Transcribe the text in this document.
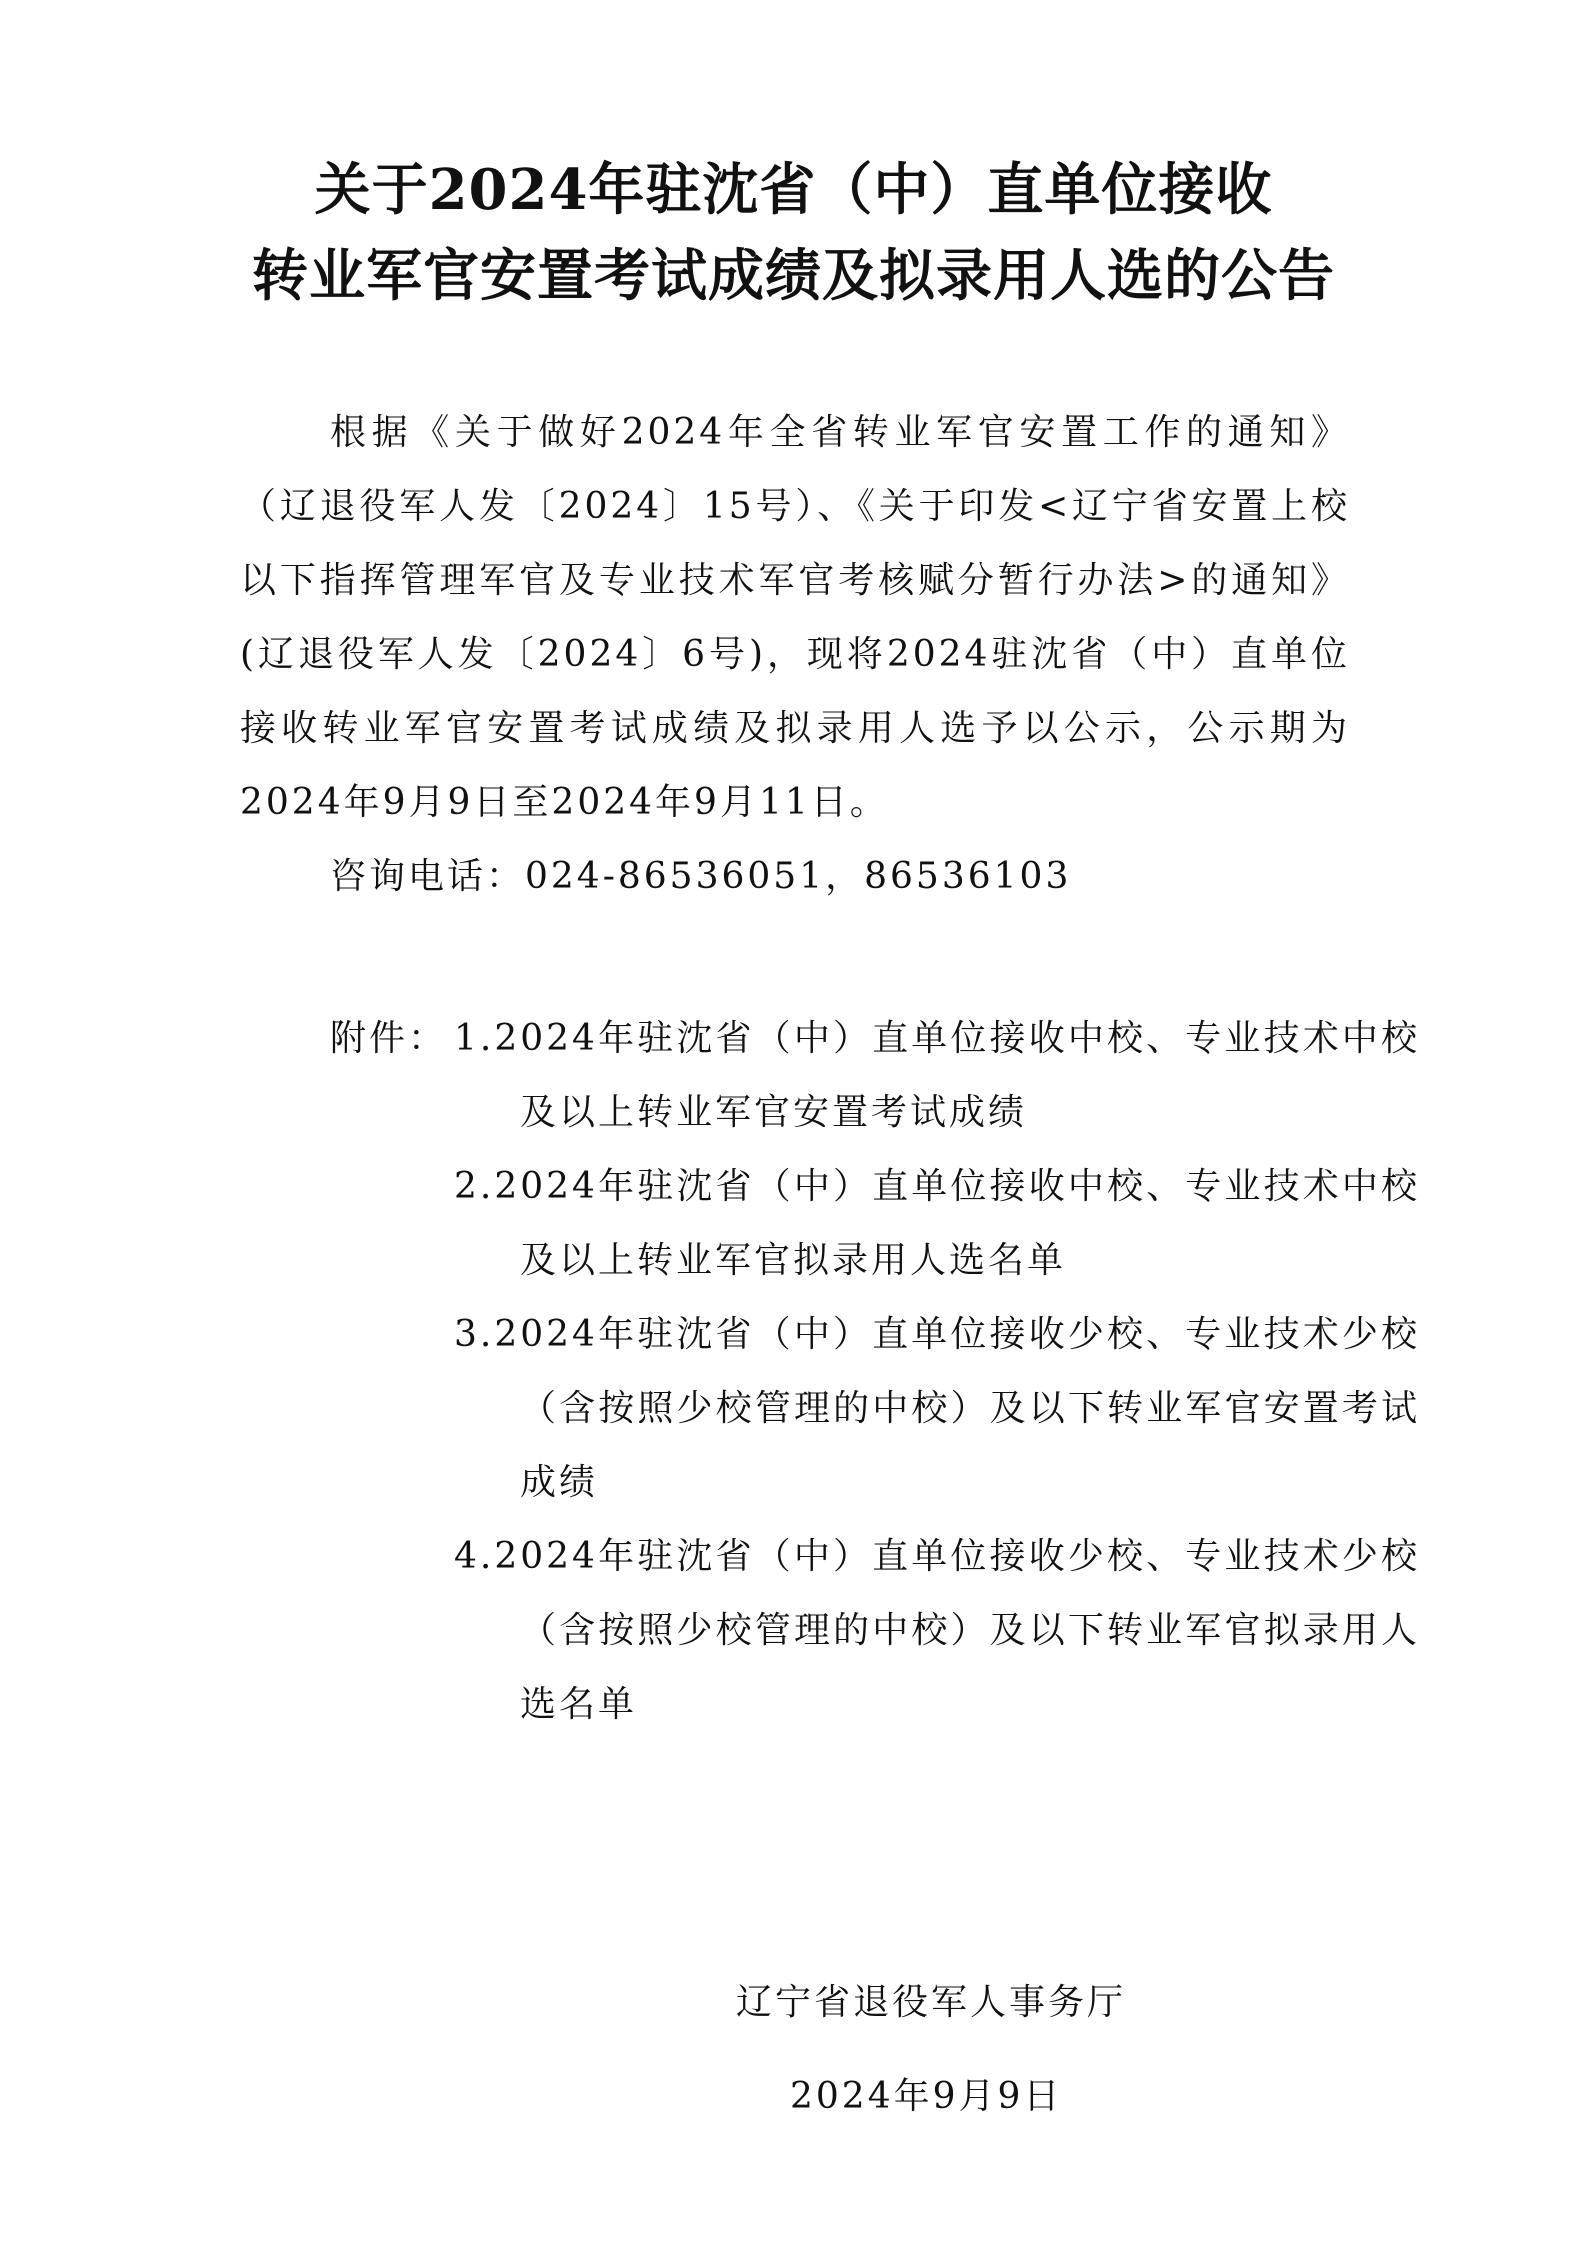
关于2024年驻沈省（中）直单位接收
转业军官安置考试成绩及拟录用人选的公告

根据《关于做好2024年全省转业军官安置工作的通知》（辽退役军人发〔2024〕15号）、《关于印发<辽宁省安置上校以下指挥管理军官及专业技术军官考核赋分暂行办法>的通知》(辽退役军人发〔2024〕6号)，现将2024驻沈省（中）直单位接收转业军官安置考试成绩及拟录用人选予以公示，公示期为2024年9月9日至2024年9月11日。

咨询电话：024-86536051，86536103
附件： 1.2024年驻沈省（中）直单位接收中校、专业技术中校及以上转业军官安置考试成绩

2.2024年驻沈省（中）直单位接收中校、专业技术中校及以上转业军官拟录用人选名单

3.2024年驻沈省（中）直单位接收少校、专业技术少校（含按照少校管理的中校）及以下转业军官安置考试成绩

4.2024年驻沈省（中）直单位接收少校、专业技术少校（含按照少校管理的中校）及以下转业军官拟录用人选名单

辽宁省退役军人事务厅
2024年9月9日
